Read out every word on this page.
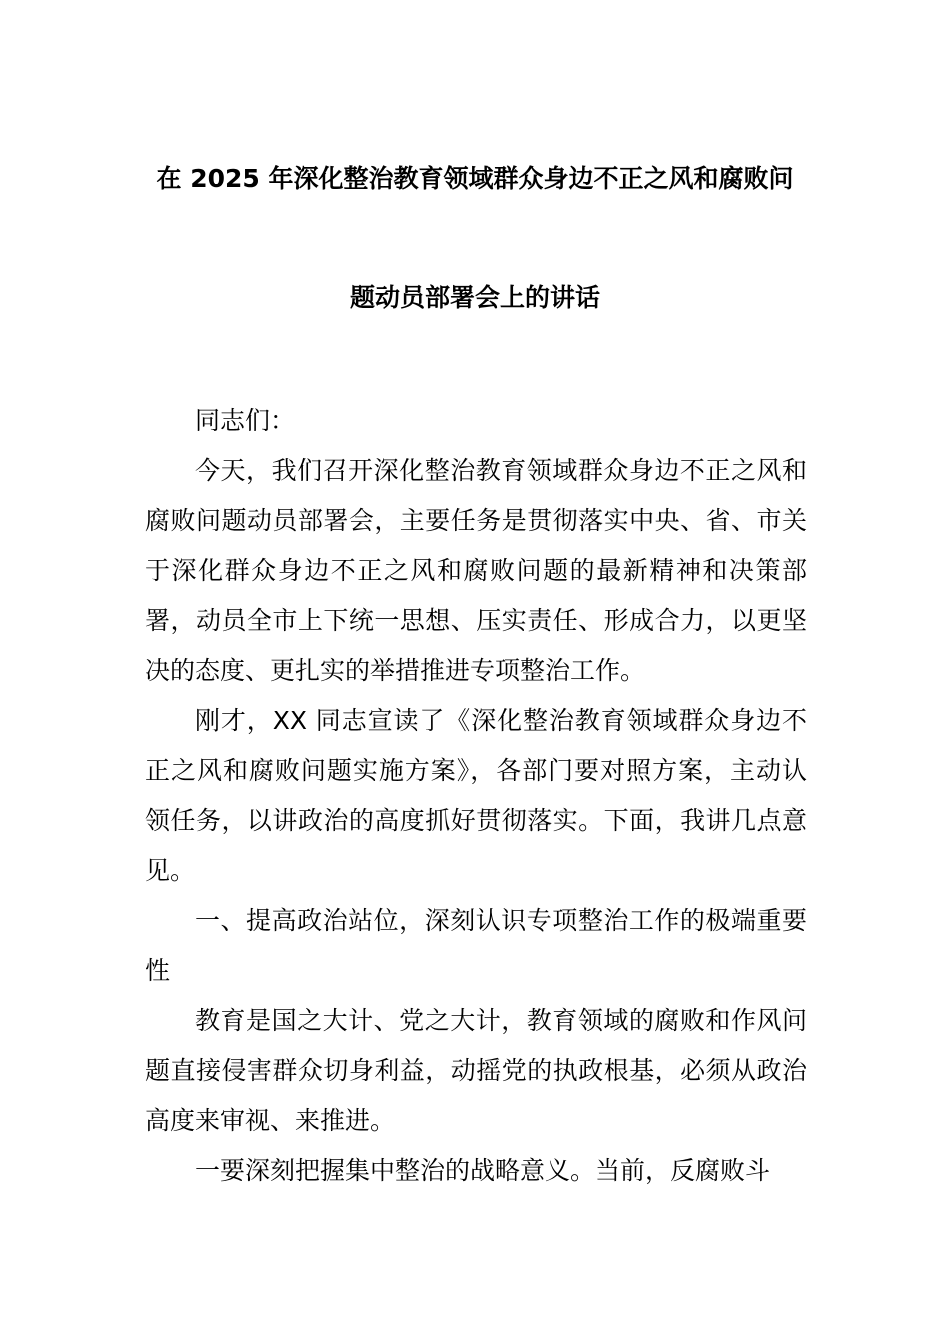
在 2025 年深化整治教育领域群众身边不正之风和腐败问
题动员部署会上的讲话

同志们：

今天，我们召开深化整治教育领域群众身边不正之风和腐败问题动员部署会，主要任务是贯彻落实中央、省、市关于深化群众身边不正之风和腐败问题的最新精神和决策部署，动员全市上下统一思想、压实责任、形成合力，以更坚决的态度、更扎实的举措推进专项整治工作。

刚才，XX 同志宣读了《深化整治教育领域群众身边不正之风和腐败问题实施方案》，各部门要对照方案，主动认领任务，以讲政治的高度抓好贯彻落实。下面，我讲几点意见。

一、提高政治站位，深刻认识专项整治工作的极端重要性

教育是国之大计、党之大计，教育领域的腐败和作风问题直接侵害群众切身利益，动摇党的执政根基，必须从政治高度来审视、来推进。

一要深刻把握集中整治的战略意义。当前，反腐败斗
